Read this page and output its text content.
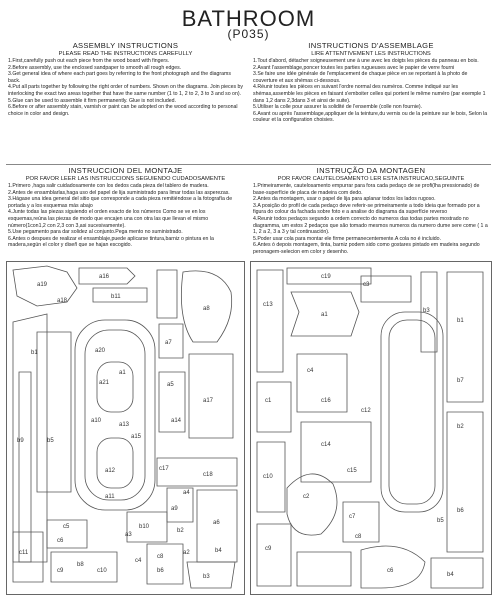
BATHROOM
(P035)
ASSEMBLY INSTRUCTIONS
PLEASE READ THE INSTRUCTIONS CAREFULLY

1.First,carefully push out each piece from the wood board with fingers.

2.Before assembly, use the enclosed sandpaper to smooth all rough edges.

3.Get general idea of where each part goes by referring to the front photograph and the diagrams back.

4.Put all parts together by following the right order of numbers. Shown on the diagrams. Join pieces by interlocking the exact two areas together that have the same number (1 to 1, 2 to 2, 3 to 3 and so on).

5.Glue can be used to assemble it firm permanently. Glue is not included.

6.Before or after assembly stain, varnish or paint can be adopted on the wood according to personal choice in color and design.

INSTRUCTIONS D'ASSEMBLAGE
LIRE ATTENTIVEMENT LES INSTRUCTIONS

1.Tout d'abord, détacher soigneusement une à une avec les doigts les pièces du panneau en bois.

2.Avant l'assemblage,poncer toutes les parties rugueuses avec le papier de verre fourni

3.Se faire une idée générale de l'emplacement de chaque pièce en se reportant à la photo de couverture et aux shémas ci-dessous.

4.Réunir toutes les pièces en suivant l'ordre normal des numéros. Comme indiqué sur les shémas,assemble les pièces en faisant s'emboiter celles qui portent le même numéro (par exemple 1 dans 1,2 dans 2,3dans 3 et ainsi de suite).

5.Utiliser la colle pour assurer la solidité de l'ensemble (colle non fournie).

6.Avant ou après l'assemblage,appliquer de la teinture,du vernis ou de la peinture sur le bois, Selon la couleur et la configuration choisies.

INSTRUCCION DEL MONTAJE
POR FAVOR LEER LAS INSTRUCCIONS SEGUIENDO CUDADOSAMENTE

1.Primero ,haga salir cuidadosamente con los dedos cada pieza del tablero de madera.

2.Antes de ensamblarlas,haga uso del papel de lija suministrado para limar todas las asperezas.

3.Hágase una idea general del sitio que corresponde a cada pieza remitiéndose a la fotografía de portada y a los esquemas más abajo

4.Junte todas las piezas siguiendo el orden exacto de los números Como se ve en los esquemas,reúna las piezas de modo que encajen una con otra las que llevan el mismo número(1con1,2 con 2,3 con 3,asi sucesivamente).

5.Use pegamento para dar solidez al conjunto.Pega mento no suministrado.

6.Antes o despues de realizar el ensamblaje,puede aplicarse tintura,barniz o pintura en la madera,según el color y diseñ que se hajan escogido.

INSTRUÇÃO DA MONTAGEN
POR FAVOR CAUTELOSAMENTO LER ESTA INSTRUCAO,SEGUINTE

1.Primeiramente, cautelosamento empurrar para fora cada pedaço de se profi(lha pressionado) de base-superfície de placa de madeira com dedo.

2.Antes da montagem, usar o papel de lija para aplanar todos los lados rugoso.

3.A posição do profil de cada pedaço deve referir-se primeiramente a todo ideia que formado por a figura do colour da fachada sobre foto e a analise do diagrama da superfície reverso

4.Reunir todos pedaços segundo a ordem correcto do numeros das todas partes mostrado no diagramma, um estos 2 pedaços que são tomado mesmos numeros da numero dume sere come ( 1 a 1, 2 a 2, 3 a 3 y tal continuación).

5.Poder usar cola para montar ele firme permanecentemente.A cola no é incluido.

6.Antes ó depois montagem, tinta, barniz podem sido como gostares pintado em madeira segundo peronagem-selecion em color y desenho.

a19
a18
a16
a8
b11
b1
b9	b5
a20
a21
a1
a10
a13
a15
a12
a11
a14
a17
a7
a5
a4
a9
a6
c17
c5
c18
b2
b4
b3
b10
c6
c11
b8
c9
c4
c10
c8
b6
a2
a3
c13
a1
c3
c19
b3
b1
b7
b2
c1
c4
c16
c12
c10
c14
c15
c2
c7
c8
c9
b5
c6
b6
b4
